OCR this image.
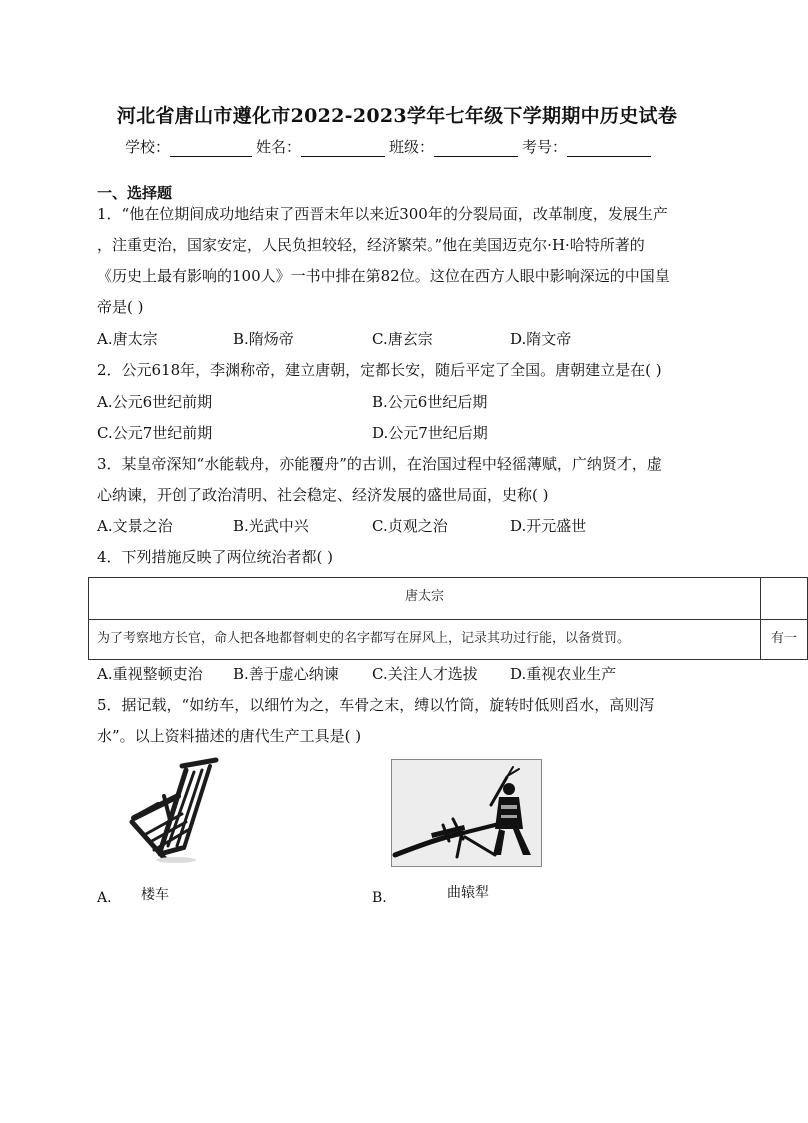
河北省唐山市遵化市2022-2023学年七年级下学期期中历史试卷
学校：	姓名：	班级：	考号：
一、选择题
1．“他在位期间成功地结束了西晋末年以来近300年的分裂局面，改革制度，发展生产
，注重吏治，国家安定，人民负担较轻，经济繁荣。”他在美国迈克尔·H·哈特所著的
《历史上最有影响的100人》一书中排在第82位。这位在西方人眼中影响深远的中国皇
帝是( )
A.唐太宗	B.隋炀帝	C.唐玄宗	D.隋文帝
2．公元618年，李渊称帝，建立唐朝，定都长安，随后平定了全国。唐朝建立是在( )
A.公元6世纪前期	B.公元6世纪后期
C.公元7世纪前期	D.公元7世纪后期
3．某皇帝深知“水能载舟，亦能覆舟”的古训，在治国过程中轻徭薄赋，广纳贤才，虚
心纳谏，开创了政治清明、社会稳定、经济发展的盛世局面，史称( )
A.文景之治	B.光武中兴	C.贞观之治	D.开元盛世
4．下列措施反映了两位统治者都( )
唐太宗
为了考察地方长官，命人把各地都督刺史的名字都写在屏风上，记录其功过行能，以备赏罚。	有一
A.重视整顿吏治 B.善于虚心纳谏 C.关注人才选拔 D.重视农业生产
5．据记载，“如纺车，以细竹为之，车骨之末，缚以竹筒，旋转时低则舀水，高则泻
水”。以上资料描述的唐代生产工具是( )
A. 楼车	B.	曲辕犁
